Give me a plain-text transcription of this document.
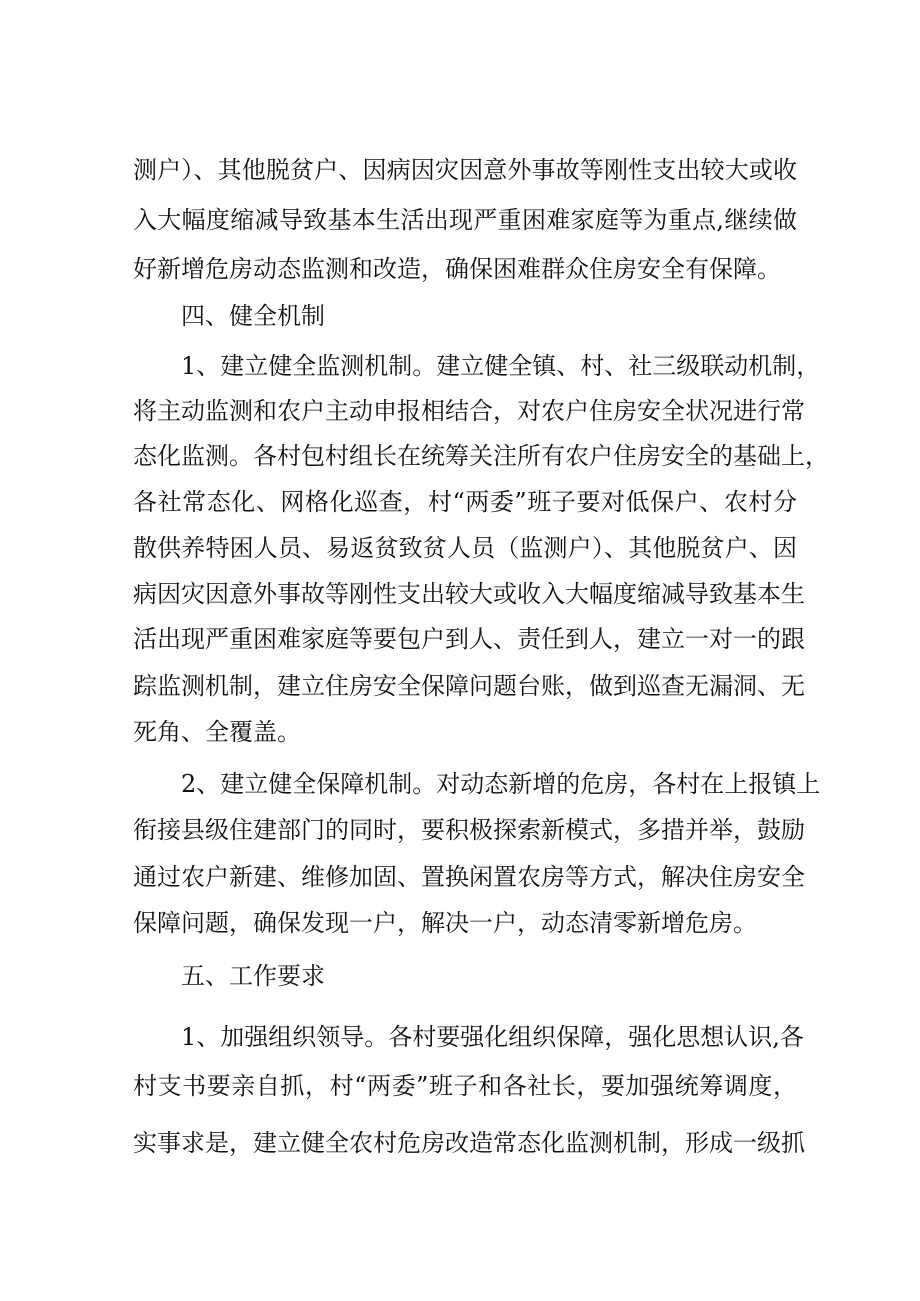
测户）、其他脱贫户、因病因灾因意外事故等刚性支出较大或收
入大幅度缩减导致基本生活出现严重困难家庭等为重点,继续做
好新增危房动态监测和改造，确保困难群众住房安全有保障。
四、健全机制
1、建立健全监测机制。建立健全镇、村、社三级联动机制，
将主动监测和农户主动申报相结合，对农户住房安全状况进行常
态化监测。各村包村组长在统筹关注所有农户住房安全的基础上，
各社常态化、网格化巡查，村“两委”班子要对低保户、农村分
散供养特困人员、易返贫致贫人员（监测户）、其他脱贫户、因
病因灾因意外事故等刚性支出较大或收入大幅度缩减导致基本生
活出现严重困难家庭等要包户到人、责任到人，建立一对一的跟
踪监测机制，建立住房安全保障问题台账，做到巡查无漏洞、无
死角、全覆盖。
2、建立健全保障机制。对动态新增的危房，各村在上报镇上
衔接县级住建部门的同时，要积极探索新模式，多措并举，鼓励
通过农户新建、维修加固、置换闲置农房等方式，解决住房安全
保障问题，确保发现一户，解决一户，动态清零新增危房。
五、工作要求
1、加强组织领导。各村要强化组织保障，强化思想认识,各
村支书要亲自抓，村“两委”班子和各社长，要加强统筹调度，
实事求是，建立健全农村危房改造常态化监测机制，形成一级抓
